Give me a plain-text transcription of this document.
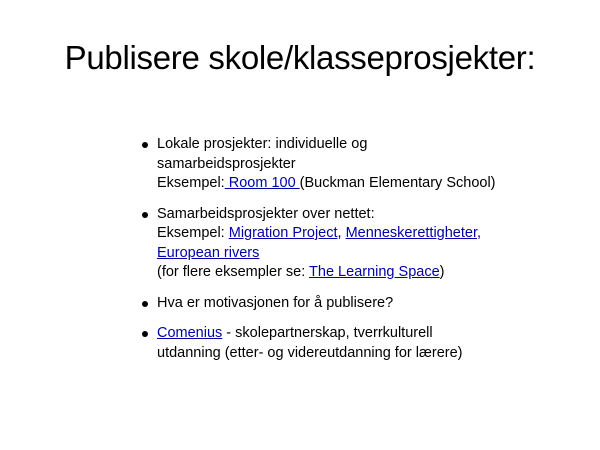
Publisere skole/klasseprosjekter:
Lokale prosjekter: individuelle og
samarbeidsprosjekter
Eksempel: Room 100 (Buckman Elementary School)
Samarbeidsprosjekter over nettet:
Eksempel: Migration Project, Menneskerettigheter,
European rivers
(for flere eksempler se: The Learning Space)
Hva er motivasjonen for å publisere?
Comenius - skolepartnerskap, tverrkulturell
utdanning (etter- og videreutdanning for lærere)
